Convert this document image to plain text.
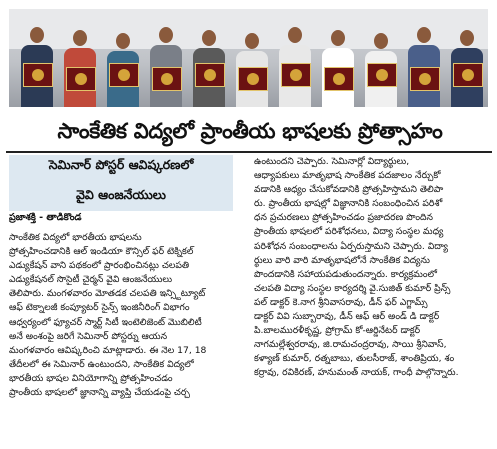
సాంకేతిక విద్యలో ప్రాంతీయ భాషలకు ప్రోత్సాహం
సెమినార్ పోస్టర్ ఆవిష్కరణలో
వైవి ఆంజనేయులు
ప్రజాశక్తి - తాడికొండ

సాంకేతిక విద్యలో భారతీయ భాషలను

ప్రోత్సహించడానికి ఆల్ ఇండియా కౌన్సిల్ ఫర్ టెక్నికల్

ఎడ్యుకేషన్ వాని పథకంలో ప్రారంభించినట్లు చలపతి

ఎడ్యుకేషనల్ సొసైటీ చైర్మన్ వైవి ఆంజనేయులు

తెలిపారు. మంగళవారం మోతడక చలపతి ఇన్స్టిట్యూట్

ఆఫ్ టెక్నాలజీ కంప్యూటర్ సైన్స్ ఇంజినీరింగ్ విభాగం

ఆధ్వర్యంలో ఫ్యూచర్ స్మార్ట్ సిటీ ఇంటెలిజెంట్ మొబిలిటీ

అనే అంశంపై జరిగే సెమినార్ పోస్టర్ను ఆయన

మంగళవారం ఆవిష్కరించి మాట్లాడారు. ఈ నెల 17, 18

తేదీలలో ఈ సెమినార్ ఉంటుందని, సాంకేతిక విద్యలో

భారతీయ భాషల వినియోగాన్ని ప్రోత్సహించడం

ప్రాంతీయ భాషలలో జ్ఞానాన్ని వ్యాప్తి చేయడంపై చర్చ

ఉంటుందని చెప్పారు. సెమినార్లో విద్యార్థులు,

ఆధ్యాపకులు మాతృభాష సాంకేతిక పదజాలం నేర్చుకో

వడానికి ఆధ్యం చేసుకోవడానికి ప్రోత్సహిస్తామని తెలిపా

రు. ప్రాంతీయ భాషల్లో విజ్ఞానానికి సంబంధించిన పరిశో

ధన ప్రచురణలు ప్రోత్సహించడం ప్రజాదరణ పొందిన

ప్రాంతీయ భాషలలో పరిశోధనలు, విద్యా సంస్థల మధ్య

పరిశోధన సంబంధాలను ఏర్పరుస్తామని చెప్పారు. విద్యా

ర్థులు వారి వారి మాతృభాషలోనే సాంకేతిక విద్యను

పొందడానికి సహాయపడుతుందన్నారు. కార్యక్రమంలో

చలపతి విద్యా సంస్థల కార్యదర్శి వై.సుజిత్ కుమార్ ప్రిన్స్

పల్ డాక్టర్ కె.నాగ శ్రీనివాసరావు, డీన్ ఫర్ ఎగ్జామ్స్

డాక్టర్ వివి సుబ్బారావు, డీన్ ఆఫ్ ఆర్ అండ్ డి డాక్టర్

పి.బాలమురళీకృష్ణ, ప్రోగ్రామ్ కో-ఆర్డినేటర్ డాక్టర్

నాగమల్లేశ్వరరావు, జి.రామచంద్రరావు, సాయి శ్రీనివాస్,

కళ్యాణ్ కుమార్, రత్నబాబు, తులసీరాజ్, శాంతిప్రియ, శం

కర్రావు, రవికిరణ్, హనుమంత్ నాయక్, గాంధీ పాల్గొన్నారు.
